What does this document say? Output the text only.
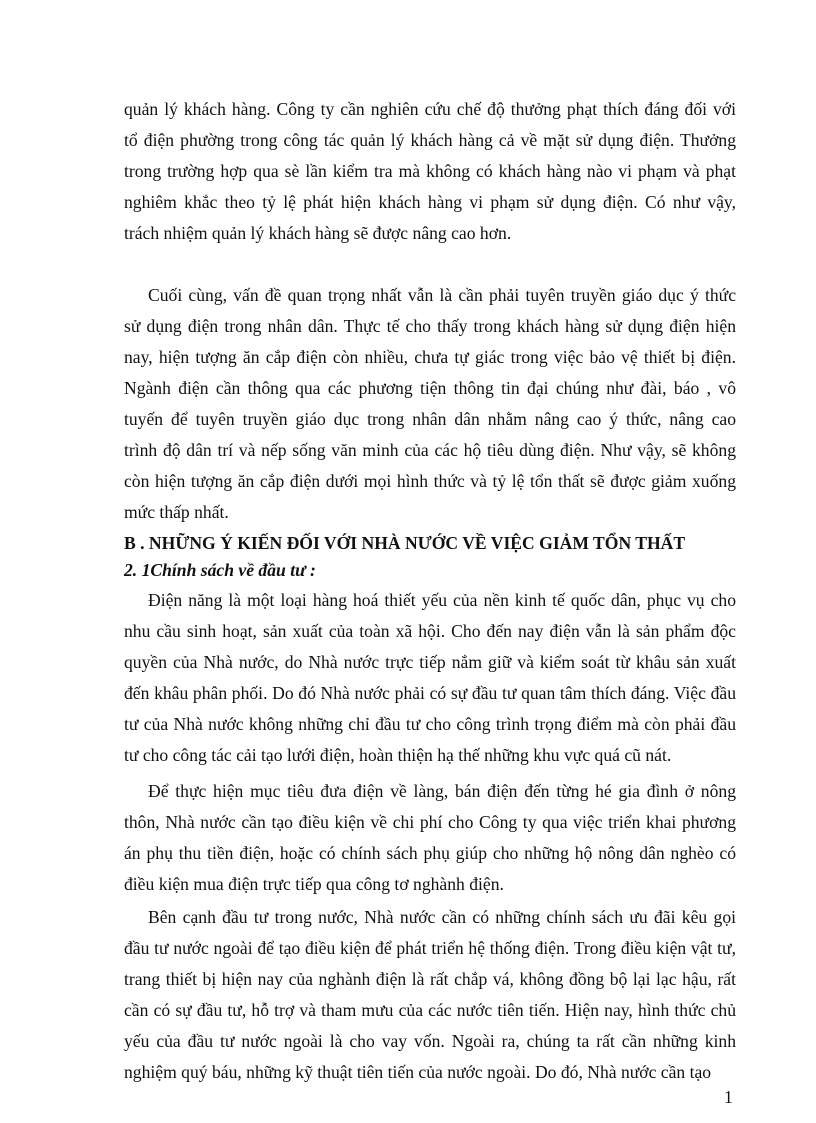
quản lý khách hàng. Công ty cần nghiên cứu chế độ thưởng phạt thích đáng đối với
tổ điện phường trong công tác quản lý khách hàng cả về mặt sử dụng điện. Thưởng
trong trường hợp qua sè lần kiểm tra mà không có khách hàng nào vi phạm và phạt
nghiêm khắc theo tỷ lệ phát hiện khách hàng vi phạm sử dụng điện. Có như vậy,
trách nhiệm quản lý khách hàng sẽ được nâng cao hơn.
Cuối cùng, vấn đề quan trọng nhất vẫn là cần phải tuyên truyền giáo dục ý thức
sử dụng điện trong nhân dân. Thực tế cho thấy trong khách hàng sử dụng điện hiện
nay, hiện tượng ăn cắp điện còn nhiều, chưa tự giác trong việc bảo vệ thiết bị điện.
Ngành điện cần thông qua các phương tiện thông tin đại chúng như đài, báo , vô
tuyến để tuyên truyền giáo dục trong nhân dân nhằm nâng cao ý thức, nâng cao
trình độ dân trí và nếp sống văn minh của các hộ tiêu dùng điện. Như vậy, sẽ không
còn hiện tượng ăn cắp điện dưới mọi hình thức và tỷ lệ tổn thất sẽ được giảm xuống
mức thấp nhất.
B . NHỮNG Ý KIẾN ĐỐI VỚI NHÀ NƯỚC VỀ VIỆC GIẢM TỔN THẤT
2. 1Chính sách về đầu tư :
Điện năng là một loại hàng hoá thiết yếu của nền kinh tế quốc dân, phục vụ cho
nhu cầu sinh hoạt, sản xuất của toàn xã hội. Cho đến nay điện vẫn là sản phẩm độc
quyền của Nhà nước, do Nhà nước trực tiếp nắm giữ và kiểm soát từ khâu sản xuất
đến khâu phân phối. Do đó Nhà nước phải có sự đầu tư quan tâm thích đáng. Việc đầu
tư của Nhà nước không những chỉ đầu tư cho công trình trọng điểm mà còn phải đầu
tư cho công tác cải tạo lưới điện, hoàn thiện hạ thế những khu vực quá cũ nát.
Để thực hiện mục tiêu đưa điện về làng, bán điện đến từng hé gia đình ở nông
thôn, Nhà nước cần tạo điều kiện về chi phí cho Công ty qua việc triển khai phương
án phụ thu tiền điện, hoặc có chính sách phụ giúp cho những hộ nông dân nghèo có
điều kiện mua điện trực tiếp qua công tơ nghành điện.
Bên cạnh đầu tư trong nước, Nhà nước cần có những chính sách ưu đãi kêu gọi
đầu tư nước ngoài để tạo điều kiện để phát triển hệ thống điện. Trong điều kiện vật tư,
trang thiết bị hiện nay của nghành điện là rất chắp vá, không đồng bộ lại lạc hậu, rất
cần có sự đầu tư, hỗ trợ và tham mưu của các nước tiên tiến. Hiện nay, hình thức chủ
yếu của đầu tư nước ngoài là cho vay vốn. Ngoài ra, chúng ta rất cần những kinh
nghiệm quý báu, những kỹ thuật tiên tiến của nước ngoài. Do đó, Nhà nước cần tạo
1
